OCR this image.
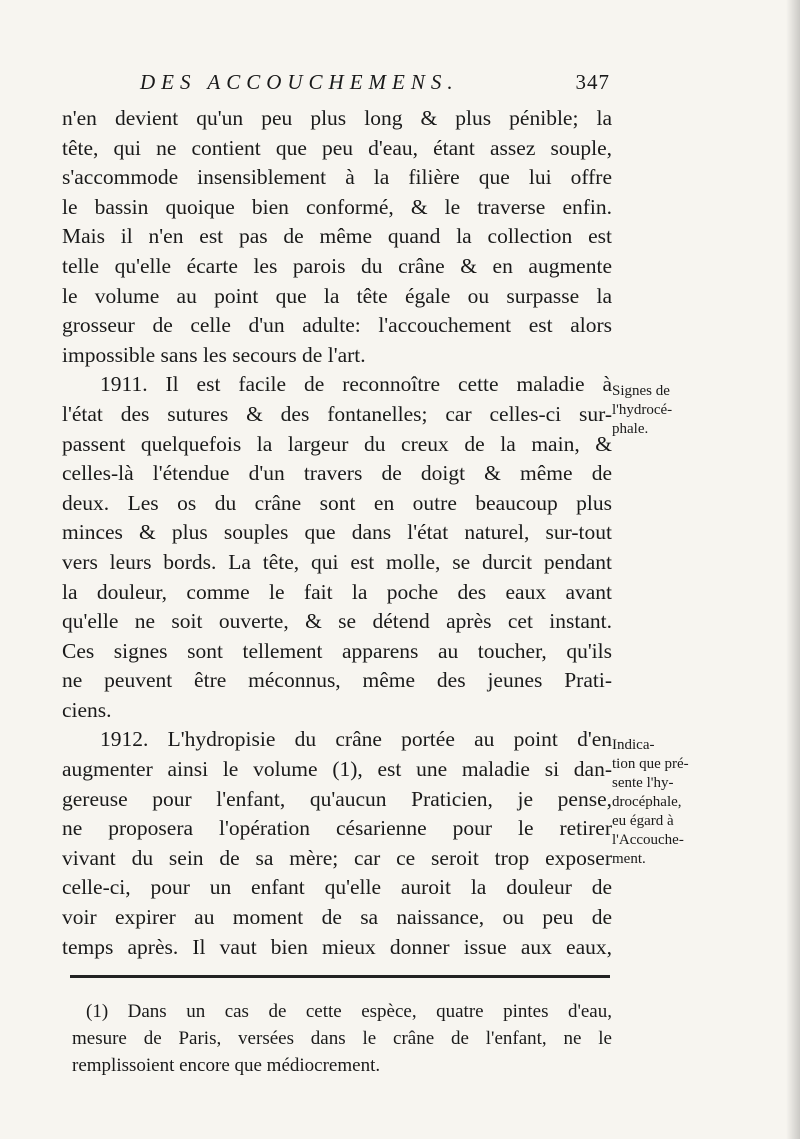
DES ACCOUCHEMENS.	347
n'en devient qu'un peu plus long & plus pénible; la
tête, qui ne contient que peu d'eau, étant assez souple,
s'accommode insensiblement à la filière que lui offre
le bassin quoique bien conformé, & le traverse enfin.
Mais il n'en est pas de même quand la collection est
telle qu'elle écarte les parois du crâne & en augmente
le volume au point que la tête égale ou surpasse la
grosseur de celle d'un adulte: l'accouchement est alors
impossible sans les secours de l'art.
1911. Il est facile de reconnoître cette maladie à
l'état des sutures & des fontanelles; car celles-ci sur-
passent quelquefois la largeur du creux de la main, &
celles-là l'étendue d'un travers de doigt & même de
deux. Les os du crâne sont en outre beaucoup plus
minces & plus souples que dans l'état naturel, sur-tout
vers leurs bords. La tête, qui est molle, se durcit pendant
la douleur, comme le fait la poche des eaux avant
qu'elle ne soit ouverte, & se détend après cet instant.
Ces signes sont tellement apparens au toucher, qu'ils
ne peuvent être méconnus, même des jeunes Prati-
ciens.
1912. L'hydropisie du crâne portée au point d'en
augmenter ainsi le volume (1), est une maladie si dan-
gereuse pour l'enfant, qu'aucun Praticien, je pense,
ne proposera l'opération césarienne pour le retirer
vivant du sein de sa mère; car ce seroit trop exposer
celle-ci, pour un enfant qu'elle auroit la douleur de
voir expirer au moment de sa naissance, ou peu de
temps après. Il vaut bien mieux donner issue aux eaux,
Signes de
l'hydrocé-
phale.
Indica-
tion que pré-
sente l'hy-
drocéphale,
eu égard à
l'Accouche-
ment.
(1) Dans un cas de cette espèce, quatre pintes d'eau,
mesure de Paris, versées dans le crâne de l'enfant, ne le
remplissoient encore que médiocrement.
